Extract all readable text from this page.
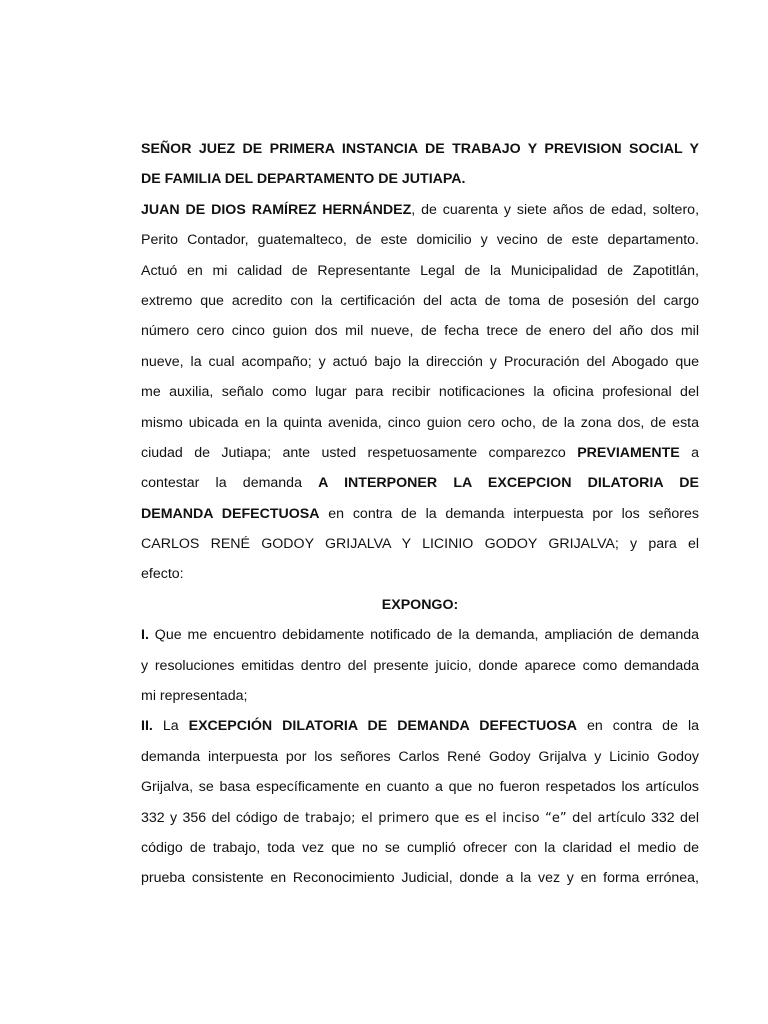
SEÑOR JUEZ DE PRIMERA INSTANCIA DE TRABAJO Y PREVISION SOCIAL Y
DE FAMILIA DEL DEPARTAMENTO DE JUTIAPA.
JUAN DE DIOS RAMÍREZ HERNÁNDEZ, de cuarenta y siete años de edad, soltero,
Perito Contador, guatemalteco, de este domicilio y vecino de este departamento.
Actuó en mi calidad de Representante Legal de la Municipalidad de Zapotitlán,
extremo que acredito con la certificación del acta de toma de posesión del cargo
número cero cinco guion dos mil nueve, de fecha trece de enero del año dos mil
nueve, la cual acompaño; y actuó bajo la dirección y Procuración del Abogado que
me auxilia, señalo como lugar para recibir notificaciones la oficina profesional del
mismo ubicada en la quinta avenida, cinco guion cero ocho, de la zona dos, de esta
ciudad de Jutiapa; ante usted respetuosamente comparezco PREVIAMENTE a
contestar la demanda A INTERPONER LA EXCEPCION DILATORIA DE
DEMANDA DEFECTUOSA en contra de la demanda interpuesta por los señores
CARLOS RENÉ GODOY GRIJALVA Y LICINIO GODOY GRIJALVA; y para el
efecto:
EXPONGO:
I. Que me encuentro debidamente notificado de la demanda, ampliación de demanda
y resoluciones emitidas dentro del presente juicio, donde aparece como demandada
mi representada;
II. La EXCEPCIÓN DILATORIA DE DEMANDA DEFECTUOSA en contra de la
demanda interpuesta por los señores Carlos René Godoy Grijalva y Licinio Godoy
Grijalva, se basa específicamente en cuanto a que no fueron respetados los artículos
332 y 356 del código de trabajo; el primero que es el inciso “e” del artículo 332 del
código de trabajo, toda vez que no se cumplió ofrecer con la claridad el medio de
prueba consistente en Reconocimiento Judicial, donde a la vez y en forma errónea,
